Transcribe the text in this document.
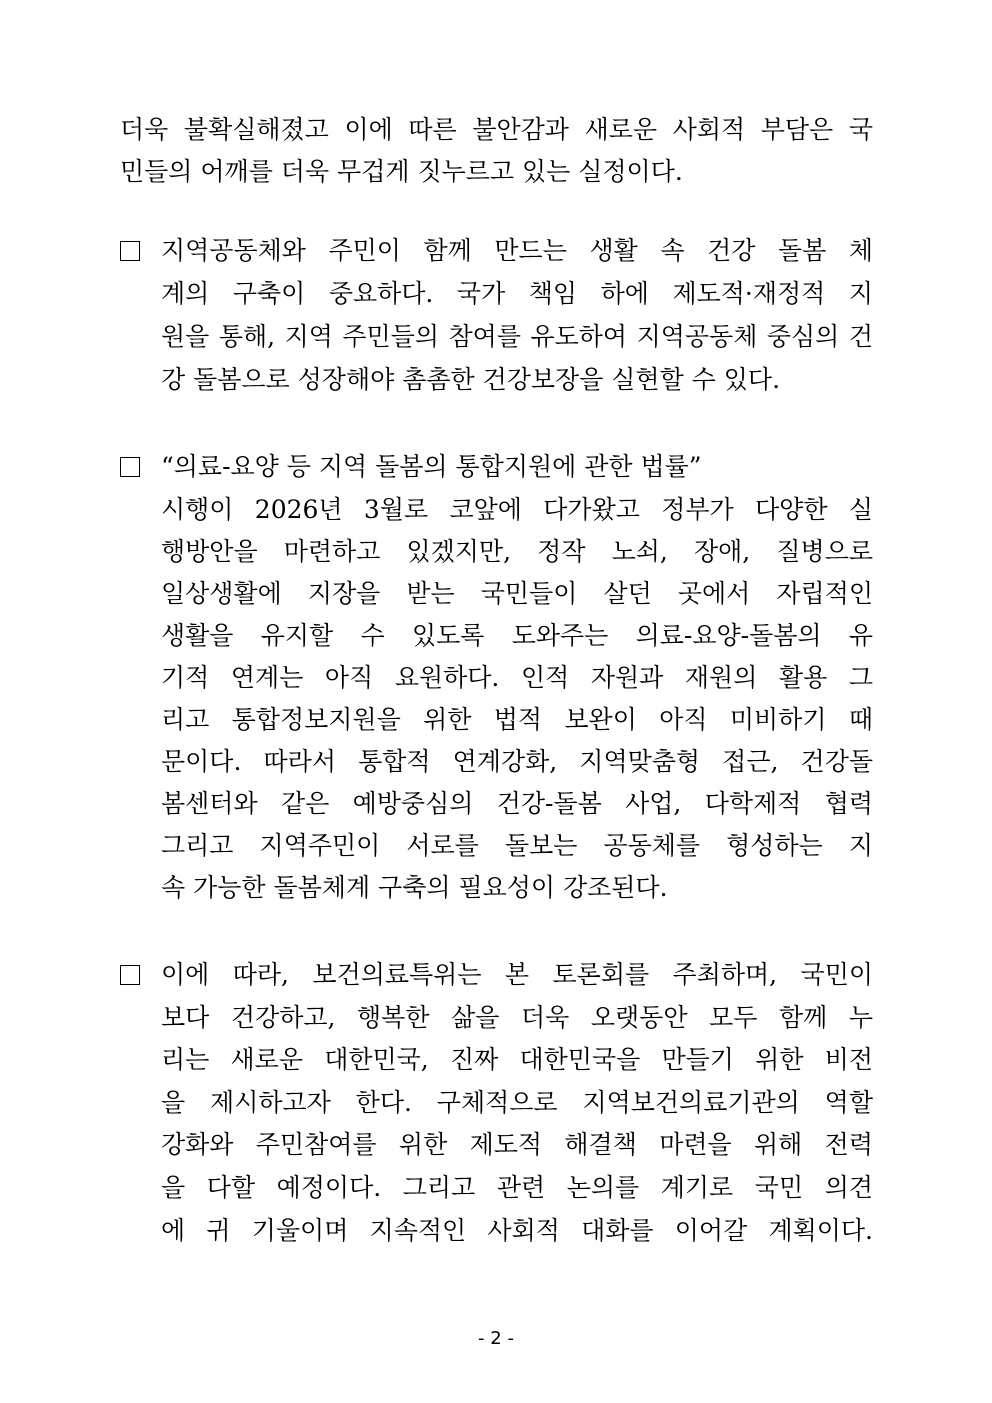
더욱 불확실해졌고 이에 따른 불안감과 새로운 사회적 부담은 국
민들의 어깨를 더욱 무겁게 짓누르고 있는 실정이다.
지역공동체와 주민이 함께 만드는 생활 속 건강 돌봄 체
계의 구축이 중요하다. 국가 책임 하에 제도적·재정적 지
원을 통해, 지역 주민들의 참여를 유도하여 지역공동체 중심의 건
강 돌봄으로 성장해야 촘촘한 건강보장을 실현할 수 있다.
“의료-요양 등 지역 돌봄의 통합지원에 관한 법률”
시행이 2026년 3월로 코앞에 다가왔고 정부가 다양한 실
행방안을 마련하고 있겠지만, 정작 노쇠, 장애, 질병으로
일상생활에 지장을 받는 국민들이 살던 곳에서 자립적인
생활을 유지할 수 있도록 도와주는 의료-요양-돌봄의 유
기적 연계는 아직 요원하다. 인적 자원과 재원의 활용 그
리고 통합정보지원을 위한 법적 보완이 아직 미비하기 때
문이다. 따라서 통합적 연계강화, 지역맞춤형 접근, 건강돌
봄센터와 같은 예방중심의 건강-돌봄 사업, 다학제적 협력
그리고 지역주민이 서로를 돌보는 공동체를 형성하는 지
속 가능한 돌봄체계 구축의 필요성이 강조된다.
이에 따라, 보건의료특위는 본 토론회를 주최하며, 국민이
보다 건강하고, 행복한 삶을 더욱 오랫동안 모두 함께 누
리는 새로운 대한민국, 진짜 대한민국을 만들기 위한 비전
을 제시하고자 한다. 구체적으로 지역보건의료기관의 역할
강화와 주민참여를 위한 제도적 해결책 마련을 위해 전력
을 다할 예정이다. 그리고 관련 논의를 계기로 국민 의견
에 귀 기울이며 지속적인 사회적 대화를 이어갈 계획이다.
- 2 -
